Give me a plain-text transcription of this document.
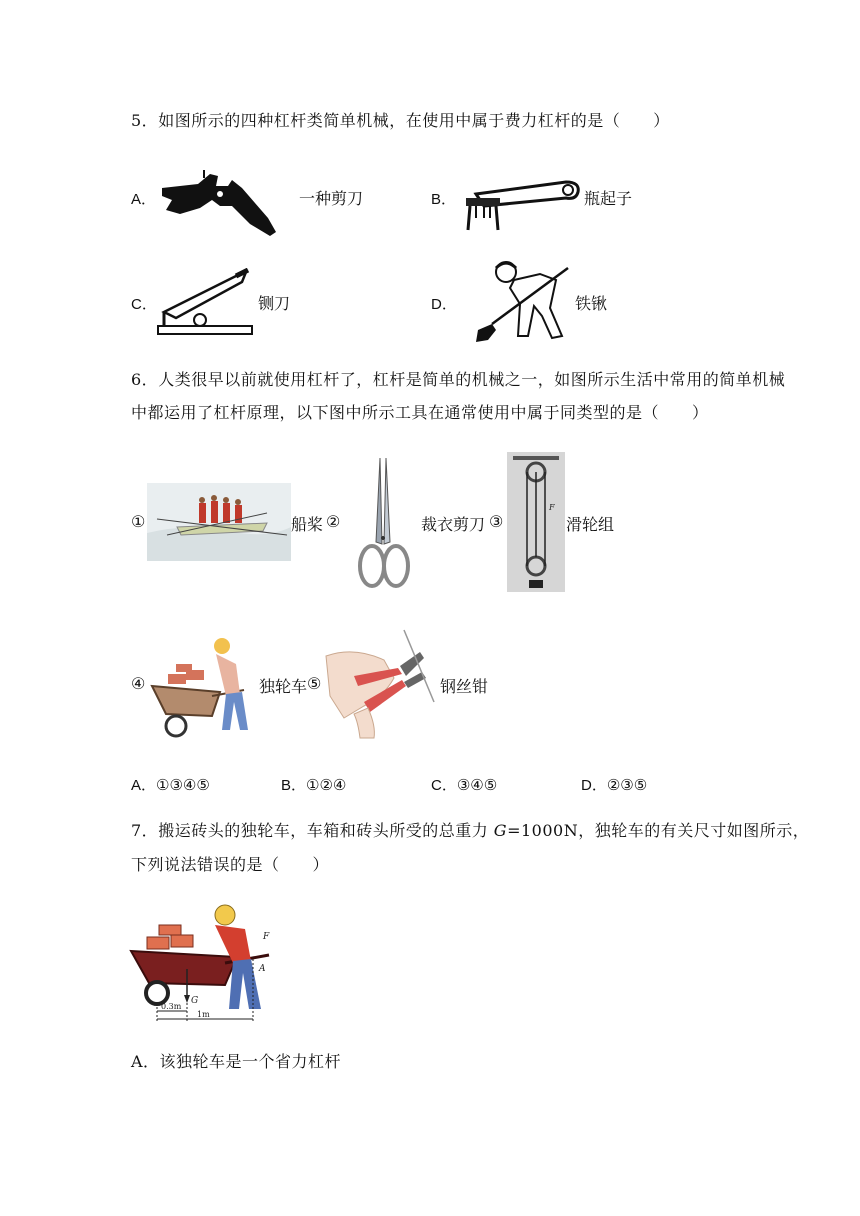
5．如图所示的四种杠杆类简单机械，在使用中属于费力杠杆的是（　　）
A．	一种剪刀	B．	瓶起子
C．	铡刀	D．	铁锹
6．人类很早以前就使用杠杆了，杠杆是简单的机械之一，如图所示生活中常用的简单机械
中都运用了杠杆原理，以下图中所示工具在通常使用中属于同类型的是（　　）
①	船桨 ②	裁衣剪刀 ③
F
滑轮组
④	独轮车 ⑤	钢丝钳
A．①③④⑤	B．①②④	C．③④⑤	D．②③⑤
7．搬运砖头的独轮车，车箱和砖头所受的总重力 G=1000N，独轮车的有关尺寸如图所示，
下列说法错误的是（　　）
F
A
G
0.3m
1m
A．该独轮车是一个省力杠杆
